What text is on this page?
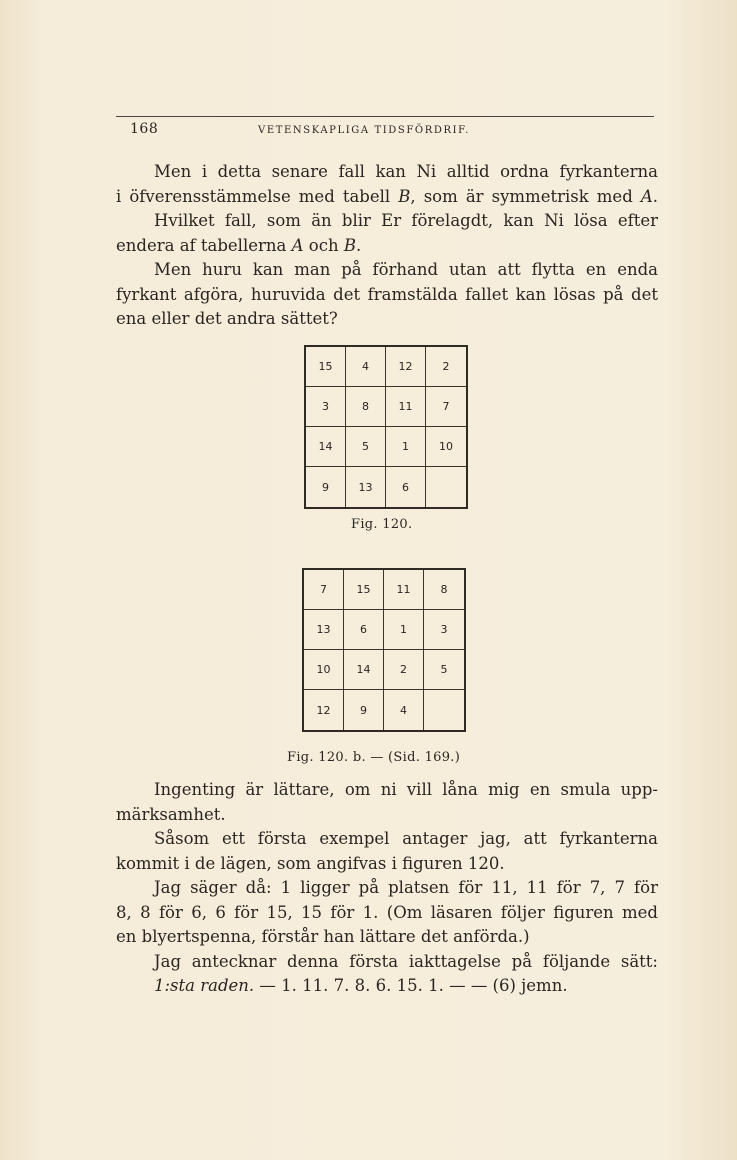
168	VETENSKAPLIGA TIDSFÖRDRIF.
Men i detta senare fall kan Ni alltid ordna fyrkanterna
i öfverensstämmelse med tabell B, som är symmetrisk med A.
Hvilket fall, som än blir Er förelagdt, kan Ni lösa efter
endera af tabellerna A och B.
Men huru kan man på förhand utan att flytta en enda
fyrkant afgöra, huruvida det framstälda fallet kan lösas på det
ena eller det andra sättet?
15	4	12	2
3	8	11	7
14	5	1	10
9	13	6
Fig. 120.
7	15	11	8
13	6	1	3
10	14	2	5
12	9	4
Fig. 120. b. — (Sid. 169.)
Ingenting är lättare, om ni vill låna mig en smula upp-
märksamhet.
Såsom ett första exempel antager jag, att fyrkanterna
kommit i de lägen, som angifvas i figuren 120.
Jag säger då: 1 ligger på platsen för 11, 11 för 7, 7 för
8, 8 för 6, 6 för 15, 15 för 1. (Om läsaren följer figuren med
en blyertspenna, förstår han lättare det anförda.)
Jag antecknar denna första iakttagelse på följande sätt:
1:sta raden. — 1. 11. 7. 8. 6. 15. 1. — — (6) jemn.
